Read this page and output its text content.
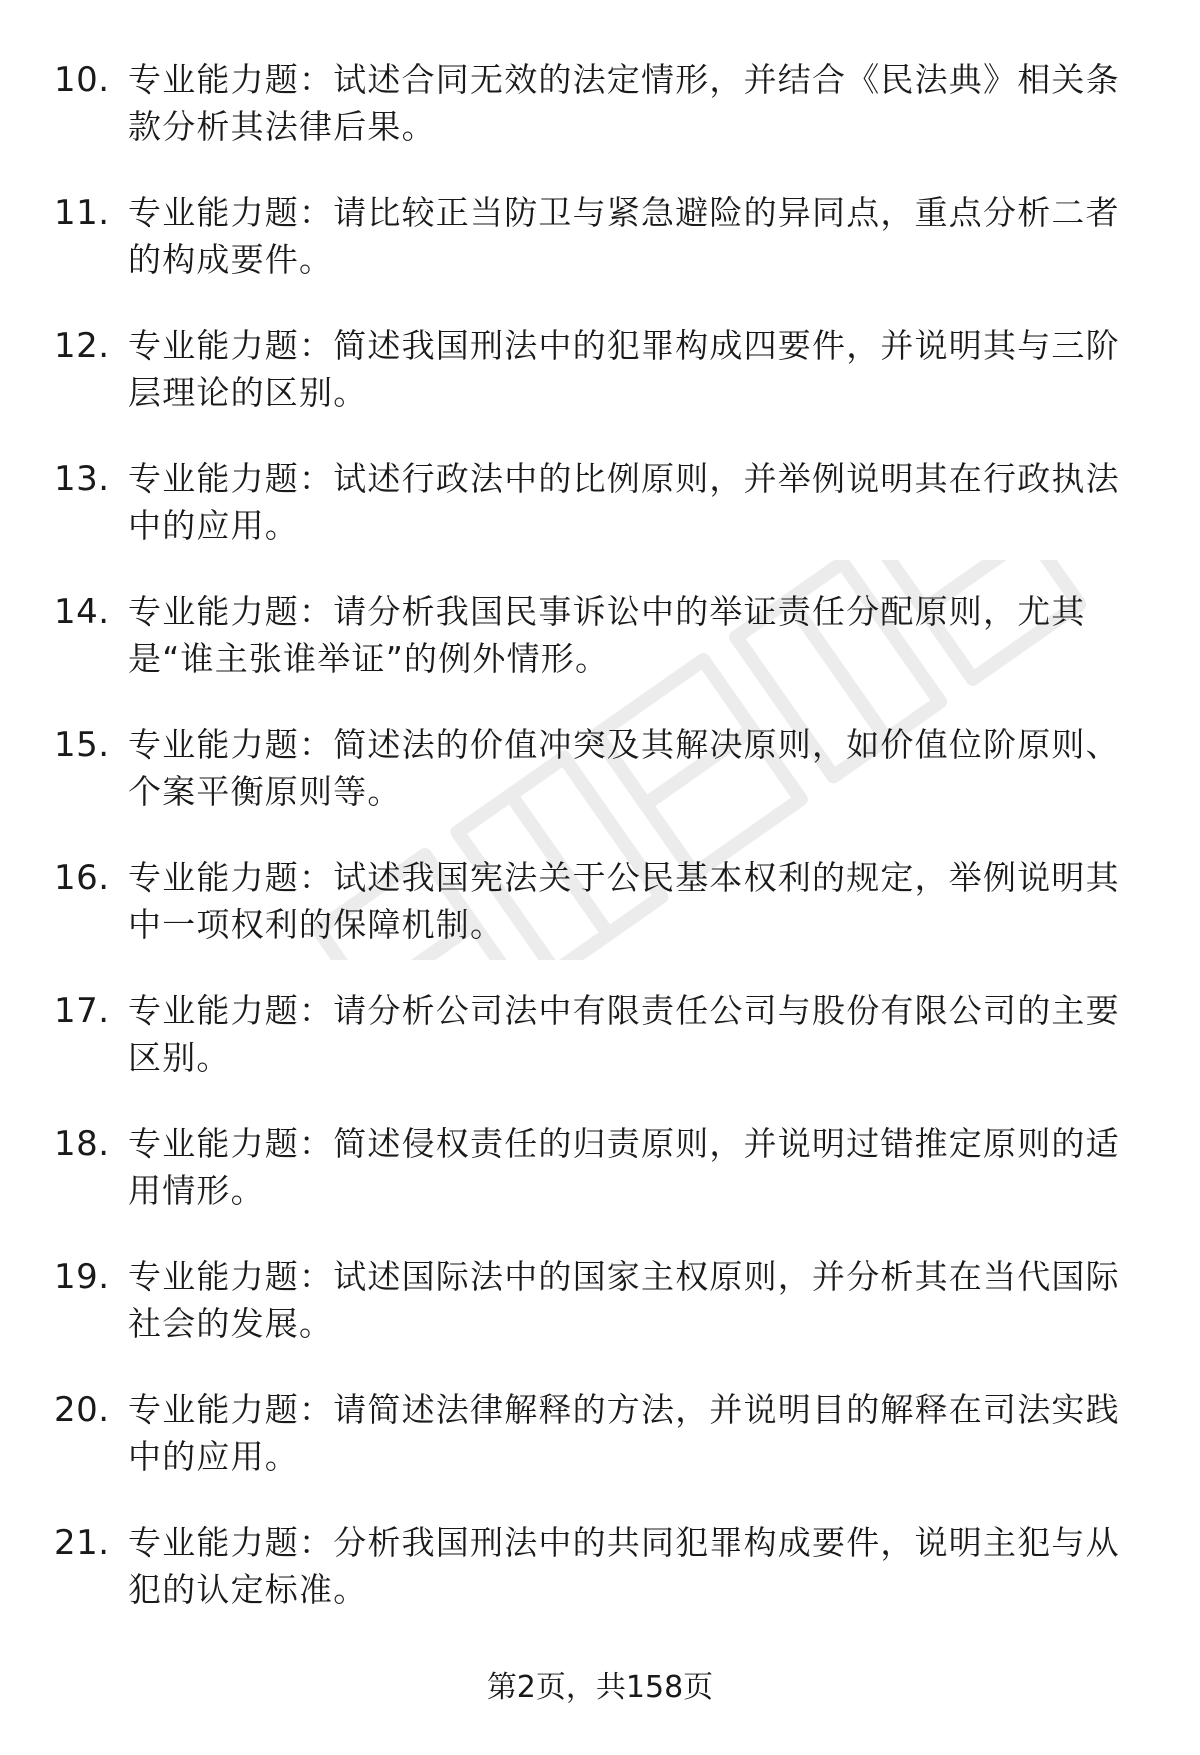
10. 专业能力题：试述合同无效的法定情形，并结合《民法典》相关条款分析其法律后果。
11. 专业能力题：请比较正当防卫与紧急避险的异同点，重点分析二者的构成要件。
12. 专业能力题：简述我国刑法中的犯罪构成四要件，并说明其与三阶层理论的区别。
13. 专业能力题：试述行政法中的比例原则，并举例说明其在行政执法中的应用。
14. 专业能力题：请分析我国民事诉讼中的举证责任分配原则，尤其是“谁主张谁举证”的例外情形。
15. 专业能力题：简述法的价值冲突及其解决原则，如价值位阶原则、个案平衡原则等。
16. 专业能力题：试述我国宪法关于公民基本权利的规定，举例说明其中一项权利的保障机制。
17. 专业能力题：请分析公司法中有限责任公司与股份有限公司的主要区别。
18. 专业能力题：简述侵权责任的归责原则，并说明过错推定原则的适用情形。
19. 专业能力题：试述国际法中的国家主权原则，并分析其在当代国际社会的发展。
20. 专业能力题：请简述法律解释的方法，并说明目的解释在司法实践中的应用。
21. 专业能力题：分析我国刑法中的共同犯罪构成要件，说明主犯与从犯的认定标准。
第2页，共158页
